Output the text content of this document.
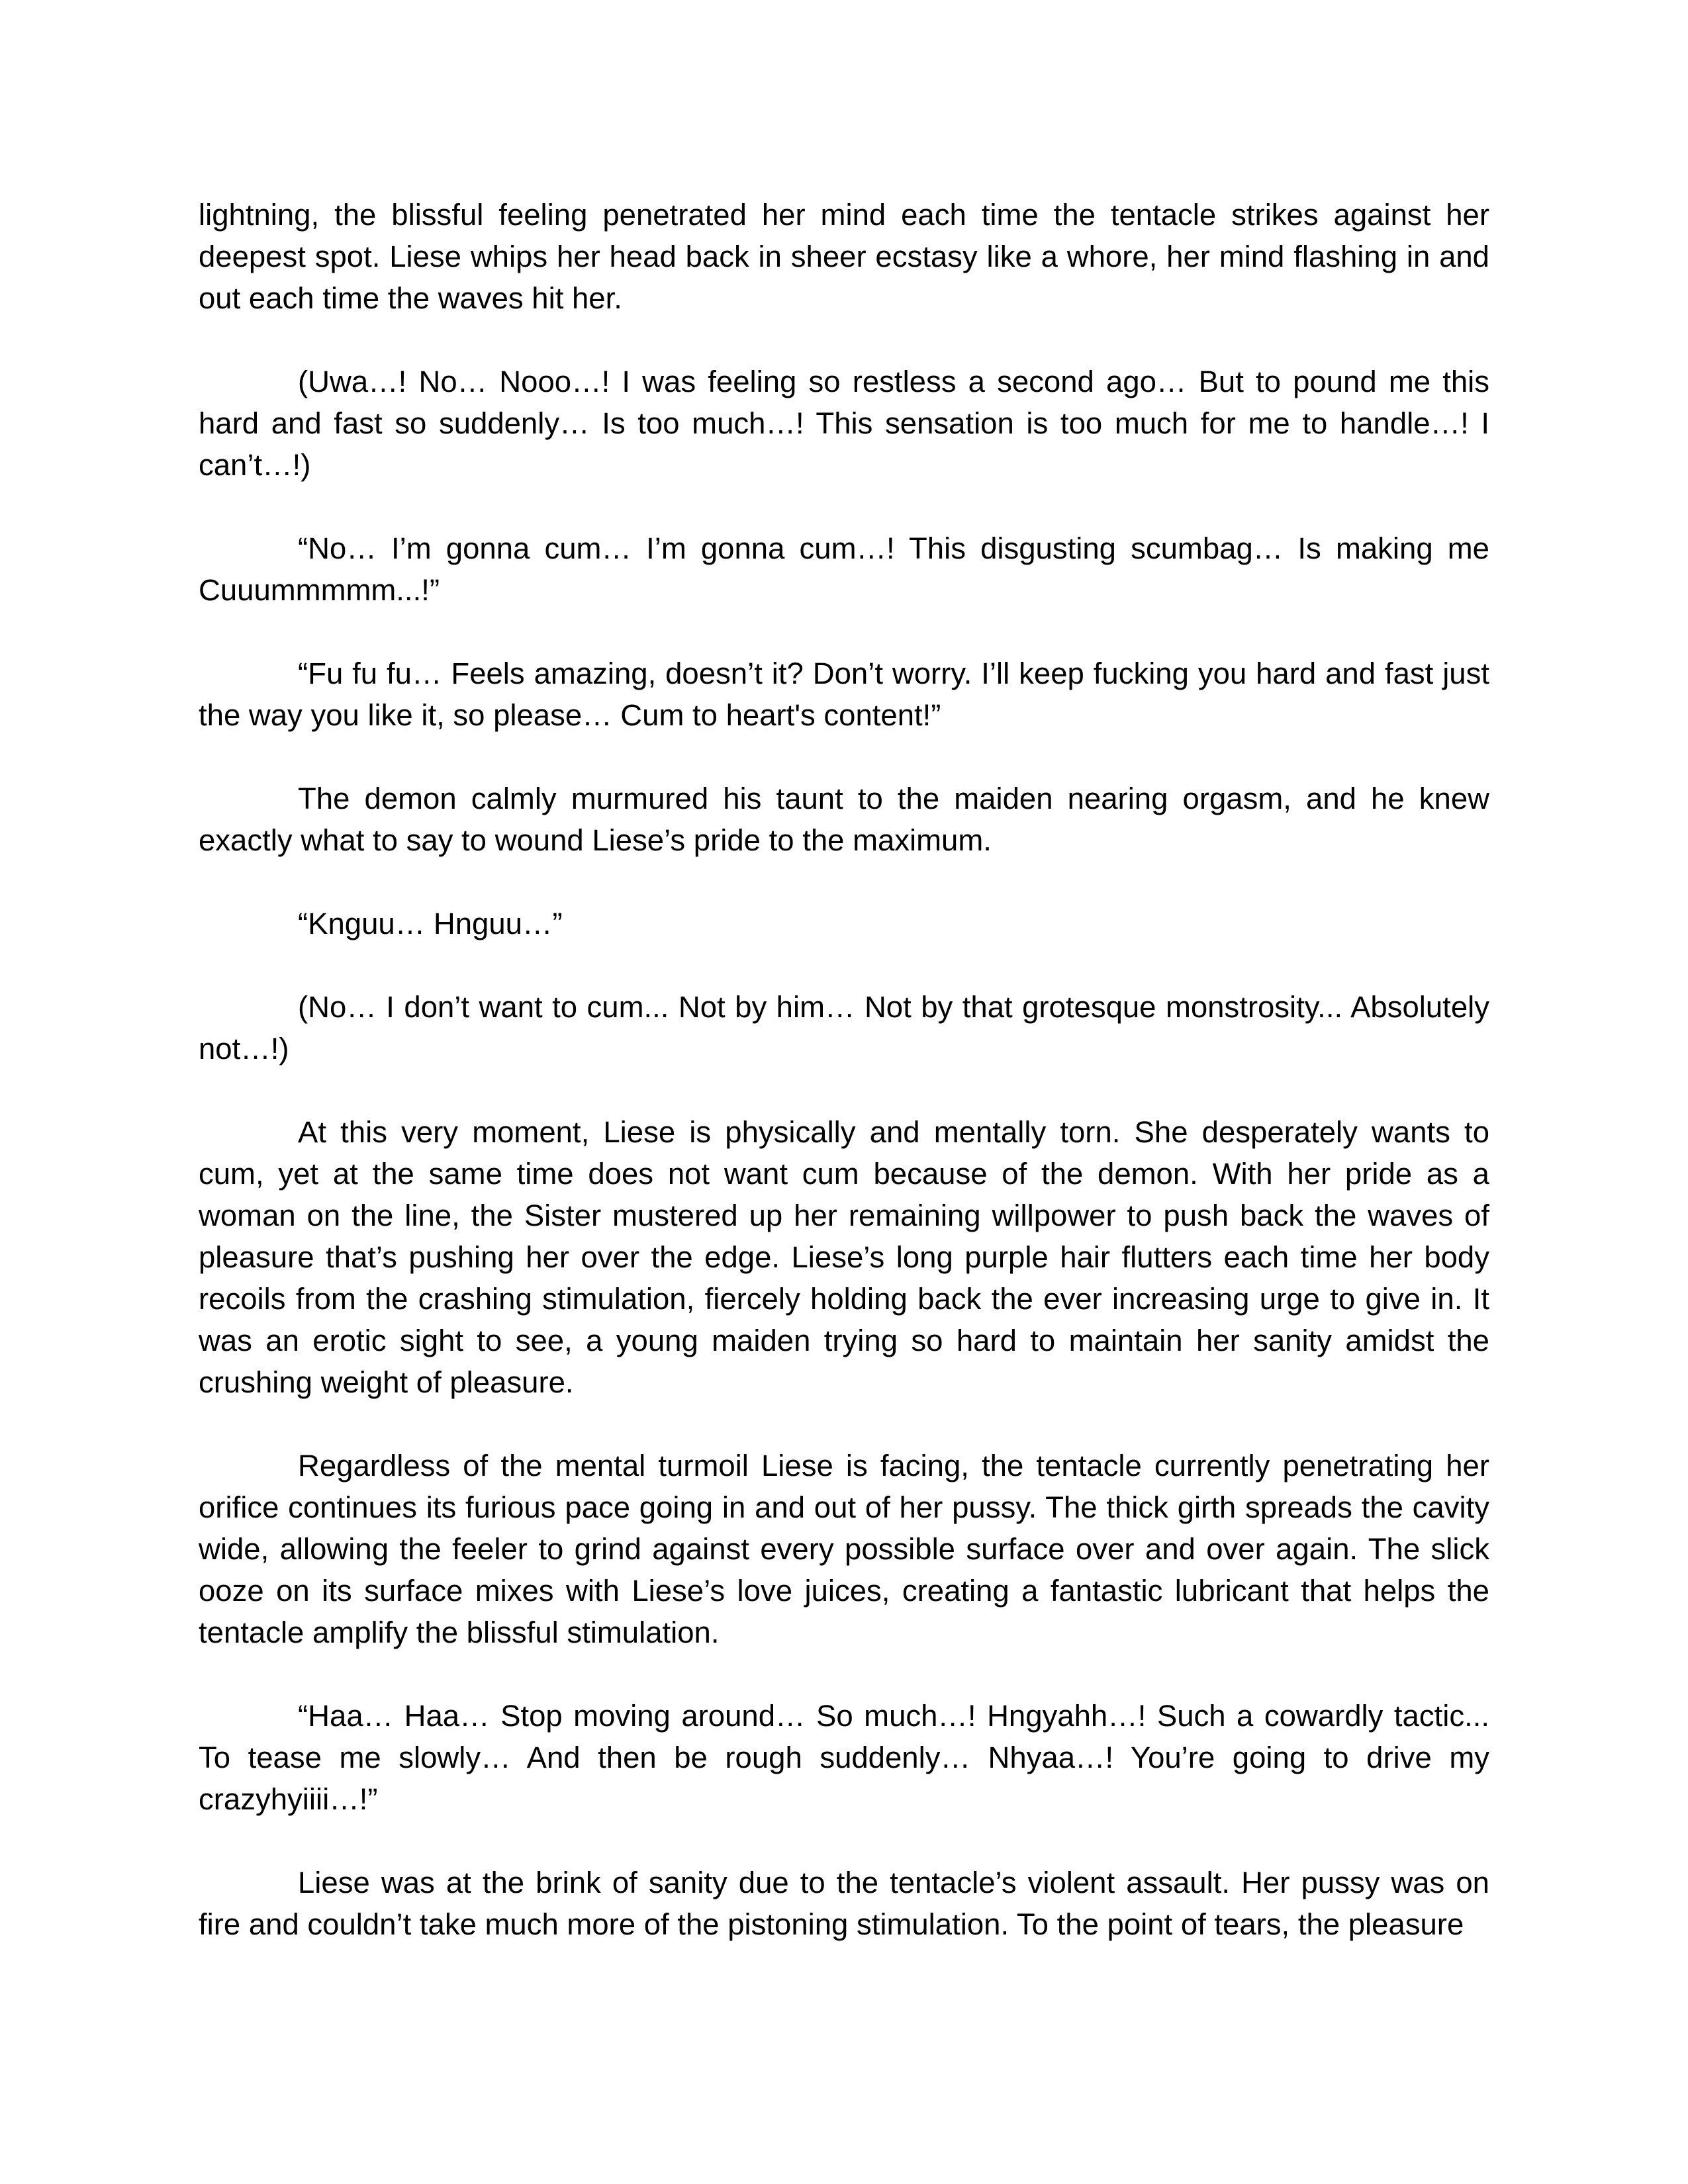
lightning, the blissful feeling penetrated her mind each time the tentacle strikes against her
deepest spot. Liese whips her head back in sheer ecstasy like a whore, her mind flashing in and
out each time the waves hit her.
(Uwa…! No… Nooo…! I was feeling so restless a second ago… But to pound me this
hard and fast so suddenly… Is too much…! This sensation is too much for me to handle…! I
can’t…!)
“No… I’m gonna cum… I’m gonna cum…! This disgusting scumbag… Is making me
Cuuummmmm...!”
“Fu fu fu… Feels amazing, doesn’t it? Don’t worry. I’ll keep fucking you hard and fast just
the way you like it, so please… Cum to heart's content!”
The demon calmly murmured his taunt to the maiden nearing orgasm, and he knew
exactly what to say to wound Liese’s pride to the maximum.
“Knguu… Hnguu…”
(No… I don’t want to cum... Not by him… Not by that grotesque monstrosity... Absolutely
not…!)
At this very moment, Liese is physically and mentally torn. She desperately wants to
cum, yet at the same time does not want cum because of the demon. With her pride as a
woman on the line, the Sister mustered up her remaining willpower to push back the waves of
pleasure that’s pushing her over the edge. Liese’s long purple hair flutters each time her body
recoils from the crashing stimulation, fiercely holding back the ever increasing urge to give in. It
was an erotic sight to see, a young maiden trying so hard to maintain her sanity amidst the
crushing weight of pleasure.
Regardless of the mental turmoil Liese is facing, the tentacle currently penetrating her
orifice continues its furious pace going in and out of her pussy. The thick girth spreads the cavity
wide, allowing the feeler to grind against every possible surface over and over again. The slick
ooze on its surface mixes with Liese’s love juices, creating a fantastic lubricant that helps the
tentacle amplify the blissful stimulation.
“Haa… Haa… Stop moving around… So much…! Hngyahh…! Such a cowardly tactic...
To tease me slowly… And then be rough suddenly… Nhyaa…! You’re going to drive my
crazyhyiiii…!”
Liese was at the brink of sanity due to the tentacle’s violent assault. Her pussy was on
fire and couldn’t take much more of the pistoning stimulation. To the point of tears, the pleasure
